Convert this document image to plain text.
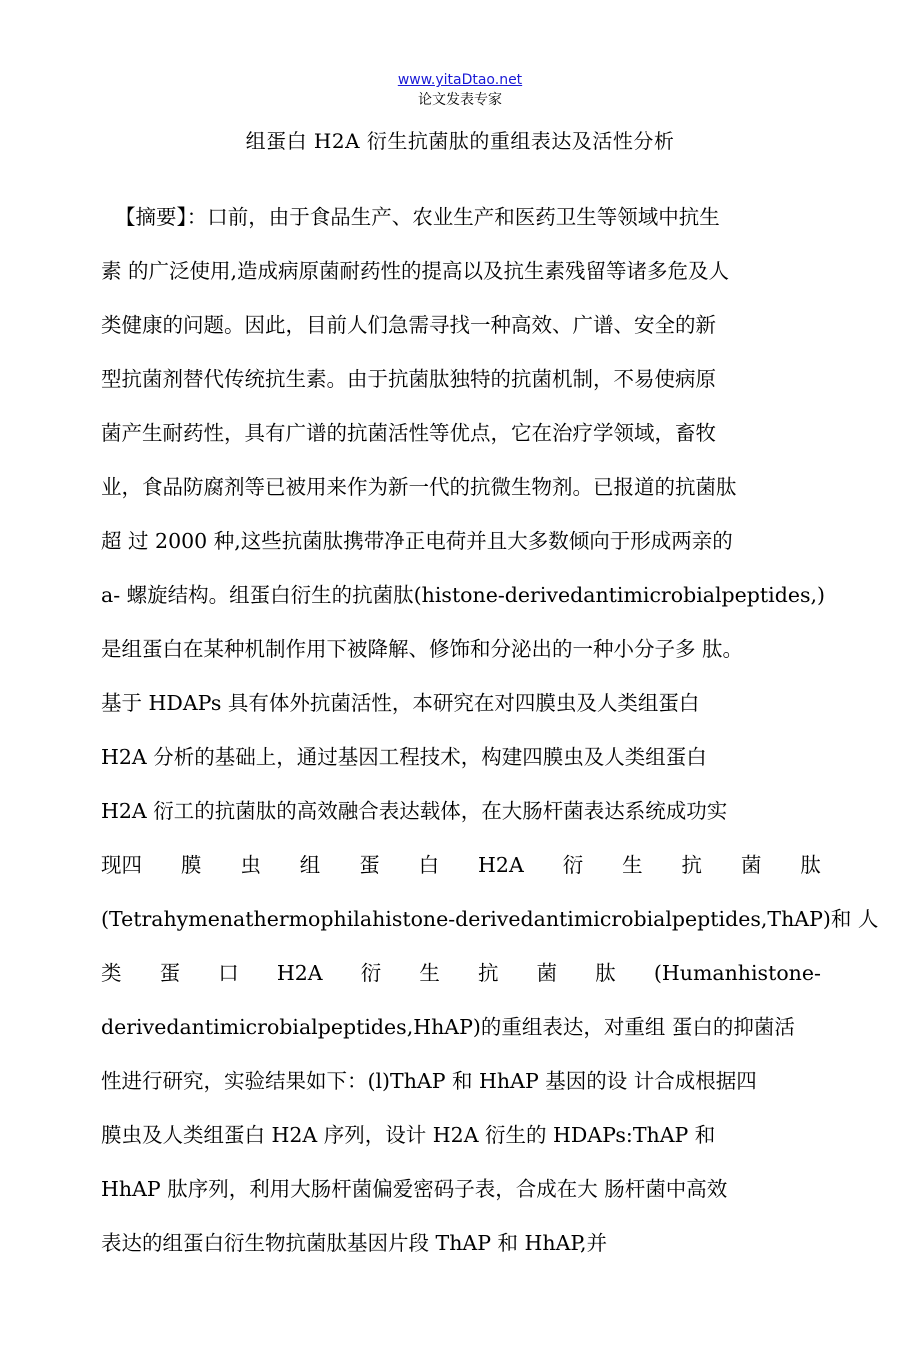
www.yitaDtao.net
论文发表专家
组蛋白 H2A 衍生抗菌肽的重组表达及活性分析
【摘要】：口前，由于食品生产、农业生产和医药卫生等领域中抗生
素 的广泛使用,造成病原菌耐药性的提高以及抗生素残留等诸多危及人
类健康的问题。因此，目前人们急需寻找一种高效、广谱、安全的新
型抗菌剂替代传统抗生素。由于抗菌肽独特的抗菌机制，不易使病原
菌产生耐药性，具有广谱的抗菌活性等优点，它在治疗学领域，畜牧
业，食品防腐剂等已被用来作为新一代的抗微生物剂。已报道的抗菌肽
超 过 2000 种,这些抗菌肽携带净正电荷并且大多数倾向于形成两亲的
a- 螺旋结构。组蛋白衍生的抗菌肽(histone-derivedantimicrobialpeptides,)
是组蛋白在某种机制作用下被降解、修饰和分泌出的一种小分子多 肽。
基于 HDAPs 具有体外抗菌活性，本研究在对四膜虫及人类组蛋白
H2A 分析的基础上，通过基因工程技术，构建四膜虫及人类组蛋白
H2A 衍工的抗菌肽的高效融合表达载体，在大肠杆菌表达系统成功实
现四 膜 虫 组 蛋 白 H2A 衍 生 抗 菌 肽
(Tetrahymenathermophilahistone-derivedantimicrobialpeptides,ThAP)和 人
类 蛋 口 H2A 衍 生 抗 菌 肽 (Humanhistone-
derivedantimicrobialpeptides,HhAP)的重组表达，对重组 蛋白的抑菌活
性进行研究，实验结果如下：(l)ThAP 和 HhAP 基因的设 计合成根据四
膜虫及人类组蛋白 H2A 序列，设计 H2A 衍生的 HDAPs:ThAP 和
HhAP 肽序列，利用大肠杆菌偏爱密码子表，合成在大 肠杆菌中高效
表达的组蛋白衍生物抗菌肽基因片段 ThAP 和 HhAP,并
